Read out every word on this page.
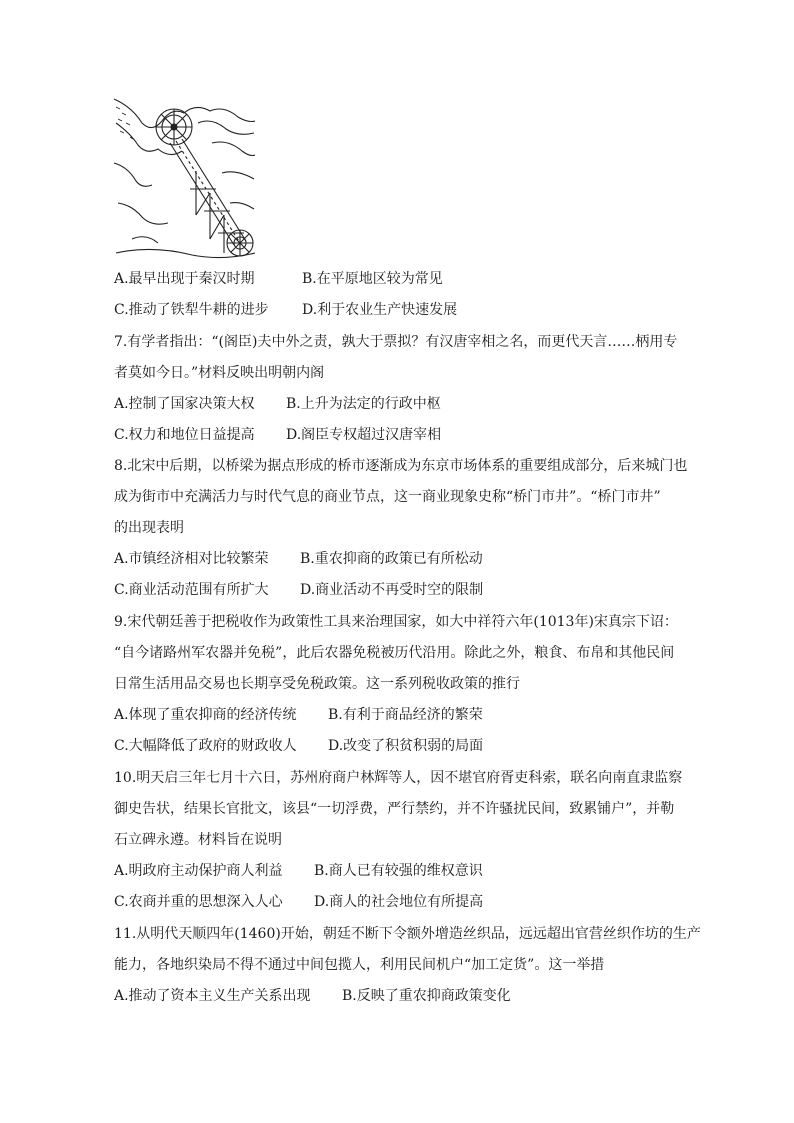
A.最早出现于秦汉时期	B.在平原地区较为常见
C.推动了铁犁牛耕的进步 D.利于农业生产快速发展
7.有学者指出：“(阁臣)夫中外之责，孰大于票拟？有汉唐宰相之名，而更代天言……柄用专
者莫如今日。”材料反映出明朝内阁
A.控制了国家决策大权 B.上升为法定的行政中枢
C.权力和地位日益提高 D.阁臣专权超过汉唐宰相
8.北宋中后期，以桥梁为据点形成的桥市逐渐成为东京市场体系的重要组成部分，后来城门也
成为街市中充满活力与时代气息的商业节点，这一商业现象史称“桥门市井”。“桥门市井”
的出现表明
A.市镇经济相对比较繁荣 B.重农抑商的政策已有所松动
C.商业活动范围有所扩大 D.商业活动不再受时空的限制
9.宋代朝廷善于把税收作为政策性工具来治理国家，如大中祥符六年(1013年)宋真宗下诏：
“自今诸路州军农器并免税”，此后农器免税被历代沿用。除此之外，粮食、布帛和其他民间
日常生活用品交易也长期享受免税政策。这一系列税收政策的推行
A.体现了重农抑商的经济传统 B.有利于商品经济的繁荣
C.大幅降低了政府的财政收人 D.改变了积贫积弱的局面
10.明天启三年七月十六日，苏州府商户林辉等人，因不堪官府胥吏科索，联名向南直隶监察
御史告状，结果长官批文，该县“一切浮费，严行禁约，并不许骚扰民间，致累铺户”，并勒
石立碑永遵。材料旨在说明
A.明政府主动保护商人利益 B.商人已有较强的维权意识
C.农商并重的思想深入人心 D.商人的社会地位有所提高
11.从明代天顺四年(1460)开始，朝廷不断下令额外增造丝织品，远远超出官营丝织作坊的生产
能力，各地织染局不得不通过中间包揽人，利用民间机户“加工定货”。这一举措
A.推动了资本主义生产关系出现 B.反映了重农抑商政策变化
